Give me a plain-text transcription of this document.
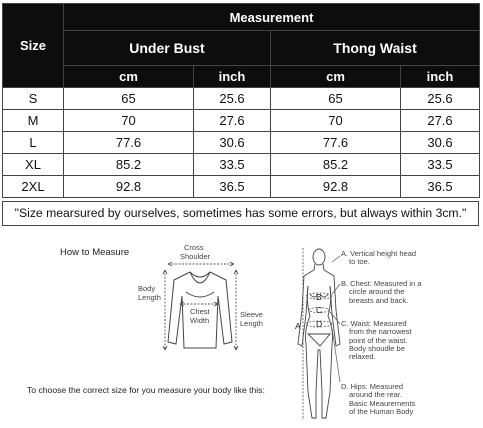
Size	Measurement			
	Under Bust		Thong Waist	
	cm	inch	cm	inch
S	65	25.6	65	25.6
M	70	27.6	70	27.6
L	77.6	30.6	77.6	30.6
XL	85.2	33.5	85.2	33.5
2XL	92.8	36.5	92.8	36.5
"Size mearsured by ourselves, sometimes has some errors, but always within 3cm."
How to Measure	Cross
Shoulder
Body
Length
Chest
Width
Sleeve
Length
To choose the correct size for you measure your body like this:
A
B
C
D
A. Vertical height head
to toe.
B. Chest: Measured in a
circle around the
breasts and back.
C. Waist: Measured
from the narrowest
point of the waist.
Body shoudle be
relaxed.
D. Hips: Measured
around the rear.
Basic Meaurements
of the Human Body
